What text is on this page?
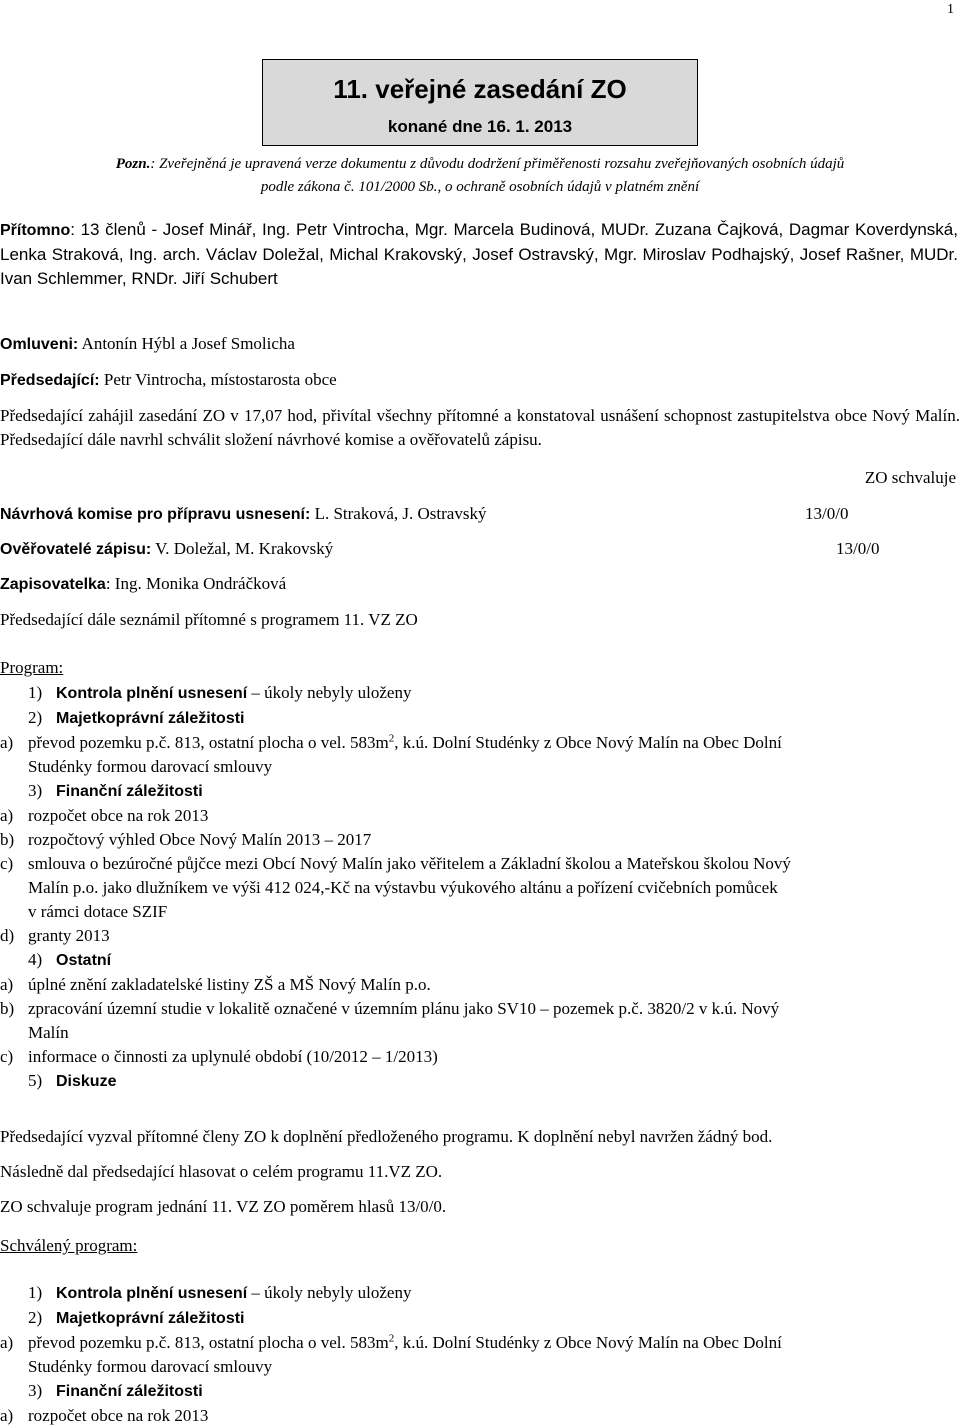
1
11. veřejné zasedání ZO
konané dne 16. 1. 2013
Pozn.: Zveřejněná je upravená verze dokumentu z důvodu dodržení přiměřenosti rozsahu zveřejňovaných osobních údajů
podle zákona č. 101/2000 Sb., o ochraně osobních údajů v platném znění
Přítomno: 13 členů - Josef Minář, Ing. Petr Vintrocha, Mgr. Marcela Budinová, MUDr. Zuzana Čajková, Dagmar Koverdynská, Lenka Straková, Ing. arch. Václav Doležal, Michal Krakovský, Josef Ostravský, Mgr. Miroslav Podhajský, Josef Rašner, MUDr. Ivan Schlemmer, RNDr. Jiří Schubert
Omluveni: Antonín Hýbl a Josef Smolicha
Předsedající: Petr Vintrocha, místostarosta obce
Předsedající zahájil zasedání ZO v 17,07 hod, přivítal všechny přítomné a konstatoval usnášení schopnost zastupitelstva obce Nový Malín. Předsedající dále navrhl schválit složení návrhové komise a ověřovatelů zápisu.
ZO schvaluje
Návrhová komise pro přípravu usnesení: L. Straková, J. Ostravský	13/0/0
Ověřovatelé zápisu: V. Doležal, M. Krakovský	13/0/0
Zapisovatelka: Ing. Monika Ondráčková
Předsedající dále seznámil přítomné s programem 11. VZ ZO
Program:
1) Kontrola plnění usnesení – úkoly nebyly uloženy
2) Majetkoprávní záležitosti
a) převod pozemku p.č. 813, ostatní plocha o vel. $583m^2$, k.ú. Dolní Studénky z Obce Nový Malín na Obec Dolní
Studénky formou darovací smlouvy
3) Finanční záležitosti
a) rozpočet obce na rok 2013
b) rozpočtový výhled Obce Nový Malín 2013 – 2017
c) smlouva o bezúročné půjčce mezi Obcí Nový Malín jako věřitelem a Základní školou a Mateřskou školou Nový
Malín p.o. jako dlužníkem ve výši 412 024,-Kč na výstavbu výukového altánu a pořízení cvičebních pomůcek
v rámci dotace SZIF
d) granty 2013
4) Ostatní
a) úplné znění zakladatelské listiny ZŠ a MŠ Nový Malín p.o.
b) zpracování územní studie v lokalitě označené v územním plánu jako SV10 – pozemek p.č. 3820/2 v k.ú. Nový
Malín
c) informace o činnosti za uplynulé období (10/2012 – 1/2013)
5) Diskuze
Předsedající vyzval přítomné členy ZO k doplnění předloženého programu. K doplnění nebyl navržen žádný bod.
Následně dal předsedající hlasovat o celém programu 11.VZ ZO.
ZO schvaluje program jednání 11. VZ ZO poměrem hlasů 13/0/0.
Schválený program:
1) Kontrola plnění usnesení – úkoly nebyly uloženy
2) Majetkoprávní záležitosti
a) převod pozemku p.č. 813, ostatní plocha o vel. $583m^2$, k.ú. Dolní Studénky z Obce Nový Malín na Obec Dolní
Studénky formou darovací smlouvy
3) Finanční záležitosti
a) rozpočet obce na rok 2013
